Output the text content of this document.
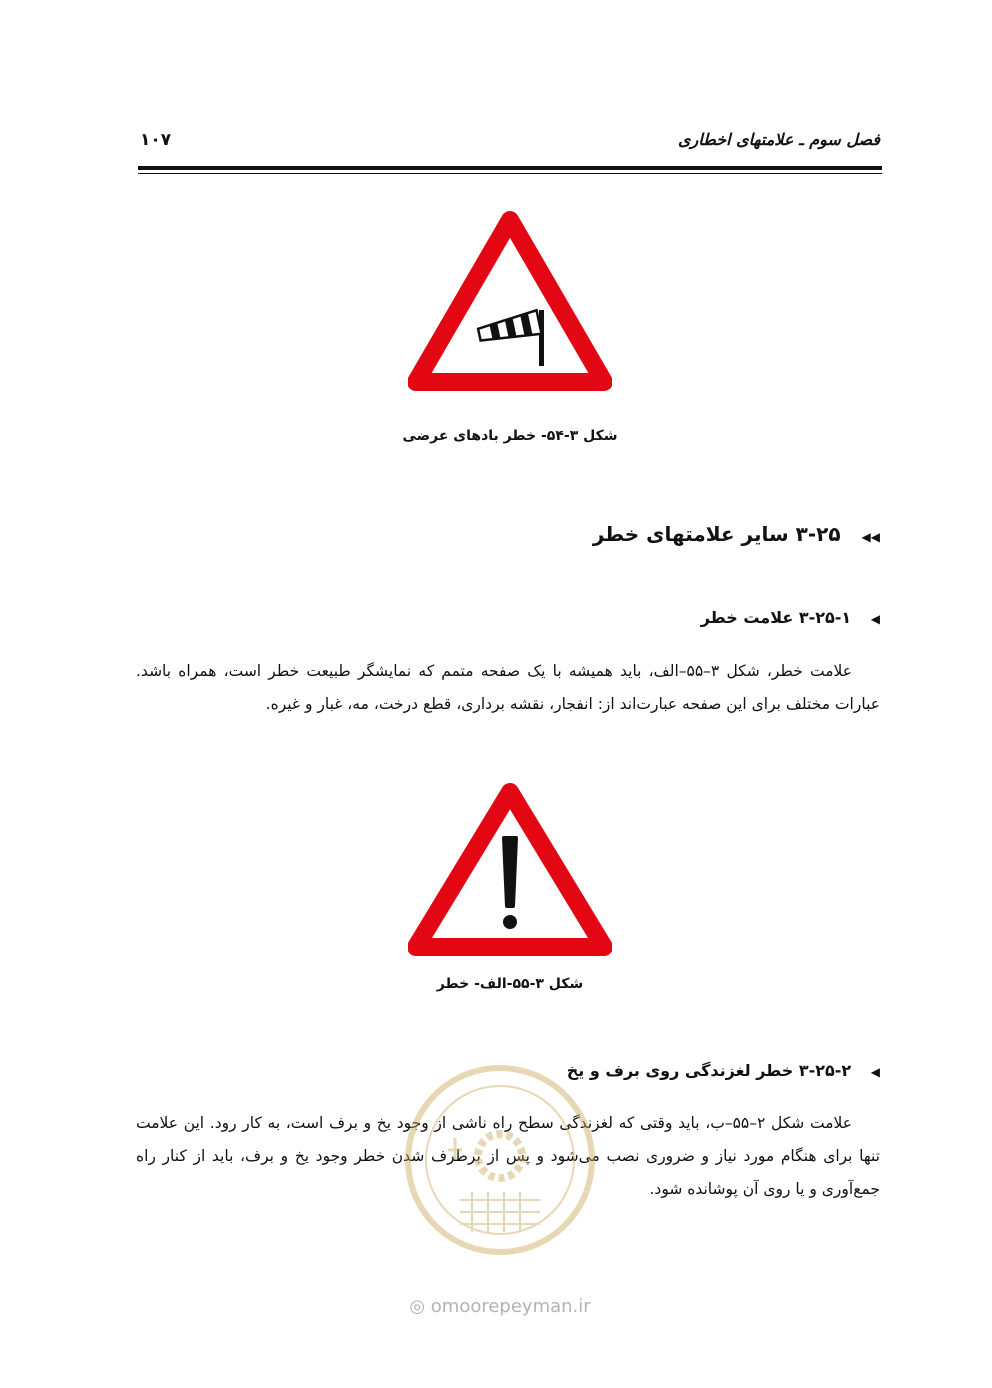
فصل سوم ـ علامتهای اخطاری
۱۰۷
شکل ۳-۵۴- خطر بادهای عرضی
◀◀ ۳-۲۵ سایر علامتهای خطر
◀ ۳-۲۵-۱ علامت خطر
علامت خطر، شکل ۳–۵۵–الف، باید همیشه با یک صفحه متمم که نمایشگر طبیعت خطر است، همراه باشد. عبارات مختلف برای این صفحه عبارت‌اند از: انفجار، نقشه برداری، قطع درخت، مه، غبار و غیره.
شکل ۳-۵۵-الف- خطر
◀ ۳-۲۵-۲ خطر لغزندگی روی برف و یخ
علامت شکل ۲–۵۵–ب، باید وقتی که لغزندگی سطح راه ناشی از وجود یخ و برف است، به کار رود. این علامت تنها برای هنگام مورد نیاز و ضروری نصب می‌شود و پس از برطرف شدن خطر وجود یخ و برف، باید از کنار راه جمع‌آوری و یا روی آن پوشانده شود.
◎ omoorepeyman.ir
